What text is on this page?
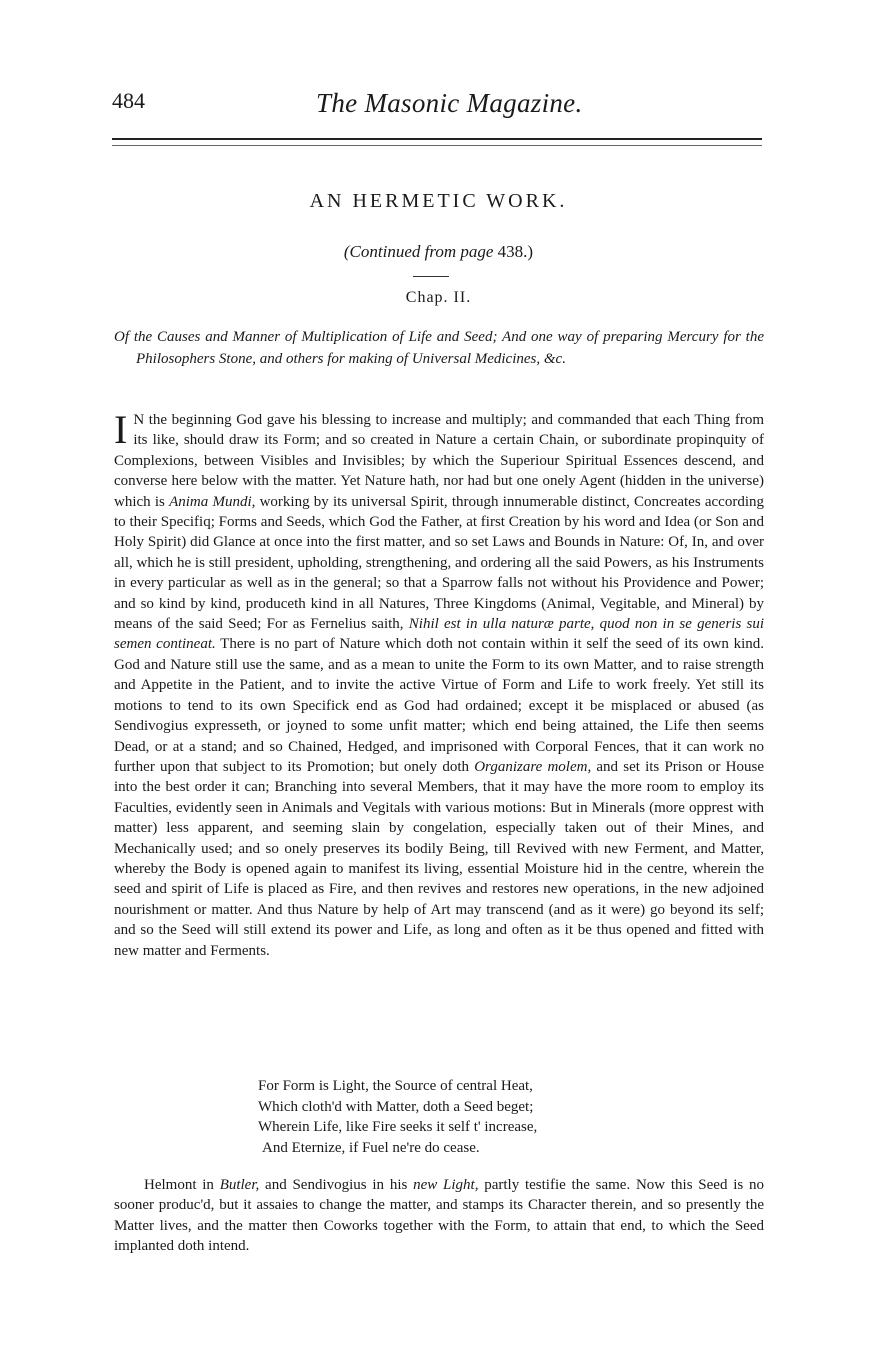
484	The Masonic Magazine.
AN HERMETIC WORK.
(Continued from page 438.)
Chap. II.
Of the Causes and Manner of Multiplication of Life and Seed; And one way of preparing Mercury for the Philosophers Stone, and others for making of Universal Medicines, &c.
I N the beginning God gave his blessing to increase and multiply; and commanded that each Thing from its like, should draw its Form; and so created in Nature a certain Chain, or subordinate propinquity of Complexions, between Visibles and Invisibles; by which the Superiour Spiritual Essences descend, and converse here below with the matter. Yet Nature hath, nor had but one onely Agent (hidden in the universe) which is Anima Mundi, working by its universal Spirit, through innumerable distinct, Concreates according to their Specifiq; Forms and Seeds, which God the Father, at first Creation by his word and Idea (or Son and Holy Spirit) did Glance at once into the first matter, and so set Laws and Bounds in Nature: Of, In, and over all, which he is still president, upholding, strengthening, and ordering all the said Powers, as his Instruments in every particular as well as in the general; so that a Sparrow falls not without his Providence and Power; and so kind by kind, produceth kind in all Natures, Three Kingdoms (Animal, Vegitable, and Mineral) by means of the said Seed; For as Fernelius saith, Nihil est in ulla naturæ parte, quod non in se generis sui semen contineat. There is no part of Nature which doth not contain within it self the seed of its own kind. God and Nature still use the same, and as a mean to unite the Form to its own Matter, and to raise strength and Appetite in the Patient, and to invite the active Virtue of Form and Life to work freely. Yet still its motions to tend to its own Specifick end as God had ordained; except it be misplaced or abused (as Sendivogius expresseth, or joyned to some unfit matter; which end being attained, the Life then seems Dead, or at a stand; and so Chained, Hedged, and imprisoned with Corporal Fences, that it can work no further upon that subject to its Promotion; but onely doth Organizare molem, and set its Prison or House into the best order it can; Branching into several Members, that it may have the more room to employ its Faculties, evidently seen in Animals and Vegitals with various motions: But in Minerals (more opprest with matter) less apparent, and seeming slain by congelation, especially taken out of their Mines, and Mechanically used; and so onely preserves its bodily Being, till Revived with new Ferment, and Matter, whereby the Body is opened again to manifest its living, essential Moisture hid in the centre, wherein the seed and spirit of Life is placed as Fire, and then revives and restores new operations, in the new adjoined nourishment or matter. And thus Nature by help of Art may transcend (and as it were) go beyond its self; and so the Seed will still extend its power and Life, as long and often as it be thus opened and fitted with new matter and Ferments.
For Form is Light, the Source of central Heat,
Which cloth'd with Matter, doth a Seed beget;
Wherein Life, like Fire seeks it self t' increase,
And Eternize, if Fuel ne're do cease.
Helmont in Butler, and Sendivogius in his new Light, partly testifie the same. Now this Seed is no sooner produc'd, but it assaies to change the matter, and stamps its Character therein, and so presently the Matter lives, and the matter then Coworks together with the Form, to attain that end, to which the Seed implanted doth intend.
